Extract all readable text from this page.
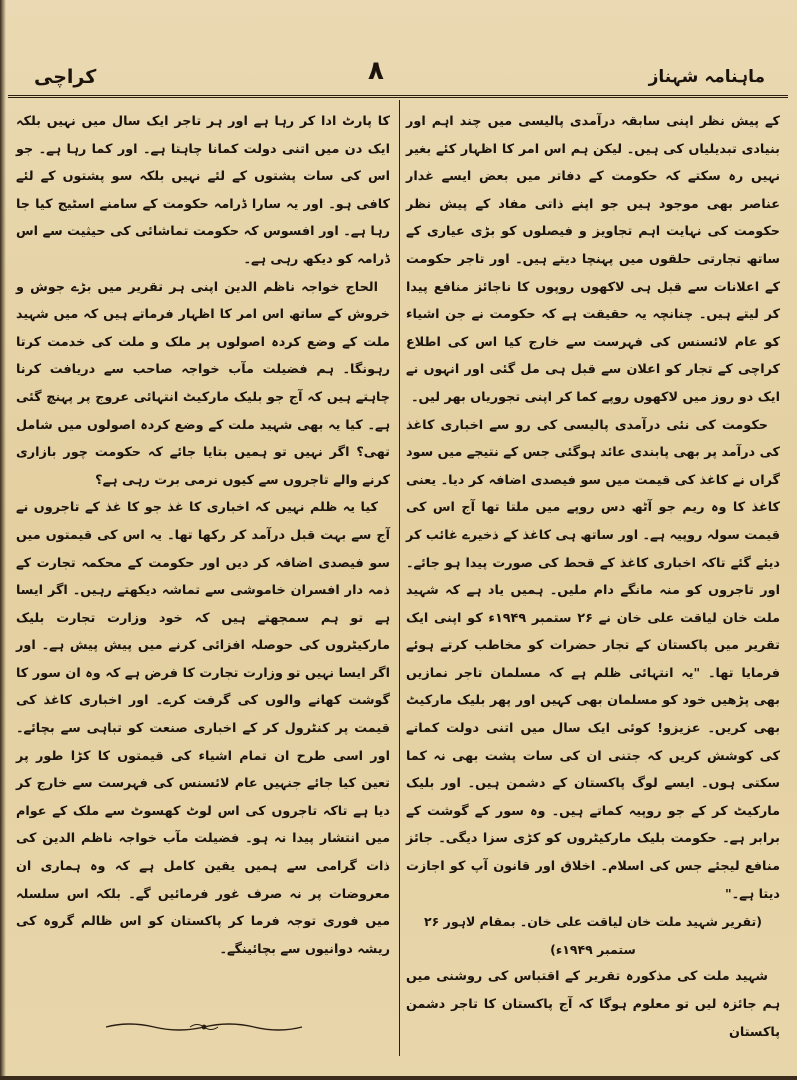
کراچی	۸	ماہنامہ شہناز

کے پیش نظر اپنی سابقہ درآمدی پالیسی میں چند اہم اور بنیادی تبدیلیاں کی ہیں۔ لیکن ہم اس امر کا اظہار کئے بغیر نہیں رہ سکتے کہ حکومت کے دفاتر میں بعض ایسے غدار عناصر بھی موجود ہیں جو اپنے ذاتی مفاد کے پیش نظر حکومت کی نہایت اہم تجاویز و فیصلوں کو بڑی عیاری کے ساتھ تجارتی حلقوں میں پہنچا دیتے ہیں۔ اور تاجر حکومت کے اعلانات سے قبل ہی لاکھوں روپوں کا ناجائز منافع پیدا کر لیتے ہیں۔ چنانچہ یہ حقیقت ہے کہ حکومت نے جن اشیاء کو عام لائسنس کی فہرست سے خارج کیا اس کی اطلاع کراچی کے تجار کو اعلان سے قبل ہی مل گئی اور انہوں نے ایک دو روز میں لاکھوں روپے کما کر اپنی تجوریاں بھر لیں۔

حکومت کی نئی درآمدی پالیسی کی رو سے اخباری کاغذ کی درآمد پر بھی پابندی عائد ہوگئی جس کے نتیجے میں سود گراں نے کاغذ کی قیمت میں سو فیصدی اضافہ کر دیا۔ یعنی کاغذ کا وہ ریم جو آٹھ دس روپے میں ملتا تھا آج اس کی قیمت سولہ روپیہ ہے۔ اور ساتھ ہی کاغذ کے ذخیرے غائب کر دیئے گئے تاکہ اخباری کاغذ کے قحط کی صورت پیدا ہو جائے۔ اور تاجروں کو منہ مانگے دام ملیں۔ ہمیں یاد ہے کہ شہید ملت خان لیاقت علی خان نے ۲۶ ستمبر ۱۹۴۹ء کو اپنی ایک تقریر میں پاکستان کے تجار حضرات کو مخاطب کرتے ہوئے فرمایا تھا۔ "یہ انتہائی ظلم ہے کہ مسلمان تاجر نمازیں بھی پڑھیں خود کو مسلمان بھی کہیں اور پھر بلیک مارکیٹ بھی کریں۔ عزیزو! کوئی ایک سال میں اتنی دولت کمانے کی کوشش کریں کہ جتنی ان کی سات پشت بھی نہ کما سکتی ہوں۔ ایسے لوگ پاکستان کے دشمن ہیں۔ اور بلیک مارکیٹ کر کے جو روپیہ کماتے ہیں۔ وہ سور کے گوشت کے برابر ہے۔ حکومت بلیک مارکیٹروں کو کڑی سزا دیگی۔ جائز منافع لیجئے جس کی اسلام۔ اخلاق اور قانون آپ کو اجازت دیتا ہے۔"

(تقریر شہید ملت خان لیاقت علی خان۔ بمقام لاہور ۲۶ ستمبر ۱۹۴۹ء)

شہید ملت کی مذکورہ تقریر کے اقتباس کی روشنی میں ہم جائزہ لیں تو معلوم ہوگا کہ آج پاکستان کا تاجر دشمن پاکستان

کا پارٹ ادا کر رہا ہے اور ہر تاجر ایک سال میں نہیں بلکہ ایک دن میں اتنی دولت کمانا چاہتا ہے۔ اور کما رہا ہے۔ جو اس کی سات پشتوں کے لئے نہیں بلکہ سو پشتوں کے لئے کافی ہو۔ اور یہ سارا ڈرامہ حکومت کے سامنے اسٹیج کیا جا رہا ہے۔ اور افسوس کہ حکومت تماشائی کی حیثیت سے اس ڈرامہ کو دیکھ رہی ہے۔

الحاج خواجہ ناظم الدین اپنی ہر تقریر میں بڑے جوش و خروش کے ساتھ اس امر کا اظہار فرماتے ہیں کہ میں شہید ملت کے وضع کردہ اصولوں پر ملک و ملت کی خدمت کرتا رہونگا۔ ہم فضیلت مآب خواجہ صاحب سے دریافت کرنا چاہتے ہیں کہ آج جو بلیک مارکیٹ انتہائی عروج پر پہنچ گئی ہے۔ کیا یہ بھی شہید ملت کے وضع کردہ اصولوں میں شامل تھی؟ اگر نہیں تو ہمیں بتایا جائے کہ حکومت چور بازاری کرنے والے تاجروں سے کیوں نرمی برت رہی ہے؟

کیا یہ ظلم نہیں کہ اخباری کا غذ جو کا غذ کے تاجروں نے آج سے بہت قبل درآمد کر رکھا تھا۔ یہ اس کی قیمتوں میں سو فیصدی اضافہ کر دیں اور حکومت کے محکمہ تجارت کے ذمہ دار افسران خاموشی سے تماشہ دیکھتے رہیں۔ اگر ایسا ہے تو ہم سمجھتے ہیں کہ خود وزارت تجارت بلیک مارکیٹروں کی حوصلہ افزائی کرنے میں پیش پیش ہے۔ اور اگر ایسا نہیں تو وزارت تجارت کا فرض ہے کہ وہ ان سور کا گوشت کھانے والوں کی گرفت کرے۔ اور اخباری کاغذ کی قیمت پر کنٹرول کر کے اخباری صنعت کو تباہی سے بچائے۔ اور اسی طرح ان تمام اشیاء کی قیمتوں کا کڑا طور پر تعین کیا جائے جنہیں عام لائسنس کی فہرست سے خارج کر دیا ہے تاکہ تاجروں کی اس لوٹ کھسوٹ سے ملک کے عوام میں انتشار پیدا نہ ہو۔ فضیلت مآب خواجہ ناظم الدین کی ذات گرامی سے ہمیں یقین کامل ہے کہ وہ ہماری ان معروضات پر نہ صرف غور فرمائیں گے۔ بلکہ اس سلسلہ میں فوری توجہ فرما کر پاکستان کو اس ظالم گروہ کی ریشہ دوانیوں سے بچائینگے۔
